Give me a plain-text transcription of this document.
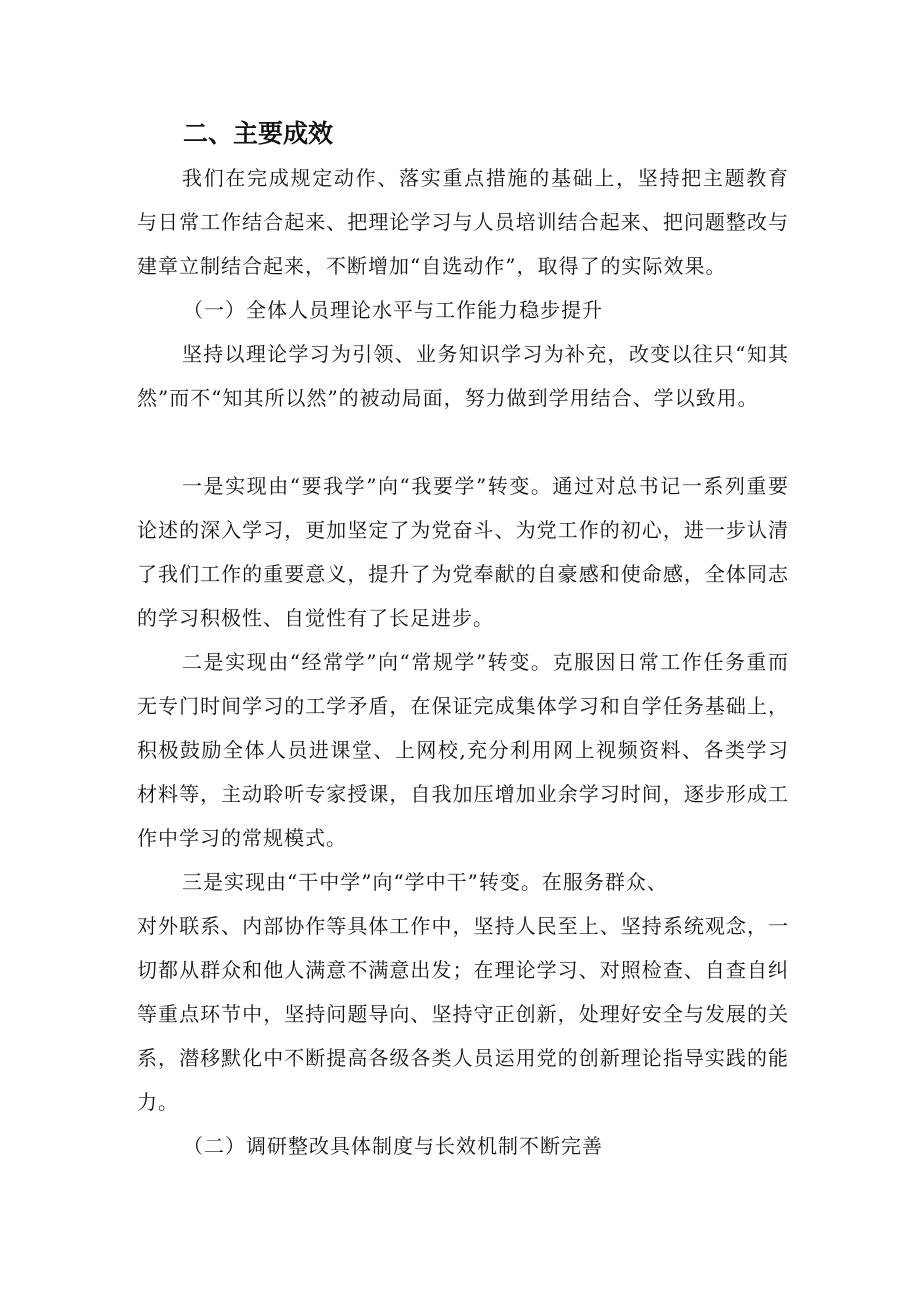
二、主要成效
我们在完成规定动作、落实重点措施的基础上，坚持把主题教育与日常工作结合起来、把理论学习与人员培训结合起来、把问题整改与建章立制结合起来，不断增加“自选动作”，取得了的实际效果。
（一）全体人员理论水平与工作能力稳步提升
坚持以理论学习为引领、业务知识学习为补充，改变以往只“知其然”而不“知其所以然”的被动局面，努力做到学用结合、学以致用。
一是实现由“要我学”向“我要学”转变。通过对总书记一系列重要论述的深入学习，更加坚定了为党奋斗、为党工作的初心，进一步认清了我们工作的重要意义，提升了为党奉献的自豪感和使命感，全体同志的学习积极性、自觉性有了长足进步。
二是实现由“经常学”向“常规学”转变。克服因日常工作任务重而无专门时间学习的工学矛盾，在保证完成集体学习和自学任务基础上，积极鼓励全体人员进课堂、上网校,充分利用网上视频资料、各类学习材料等，主动聆听专家授课，自我加压增加业余学习时间，逐步形成工作中学习的常规模式。
三是实现由“干中学”向“学中干”转变。在服务群众、
对外联系、内部协作等具体工作中，坚持人民至上、坚持系统观念，一切都从群众和他人满意不满意出发；在理论学习、对照检查、自查自纠等重点环节中，坚持问题导向、坚持守正创新，处理好安全与发展的关系，潜移默化中不断提高各级各类人员运用党的创新理论指导实践的能力。
（二）调研整改具体制度与长效机制不断完善
